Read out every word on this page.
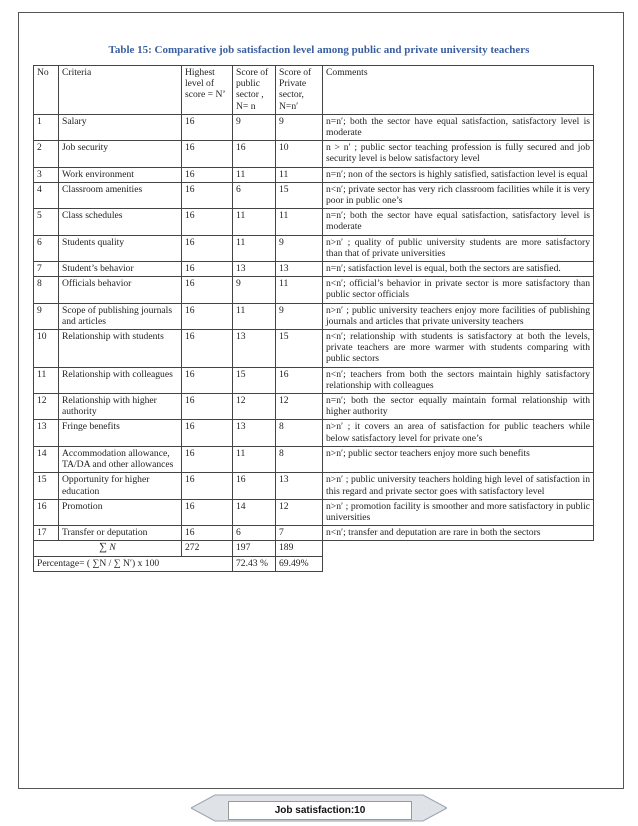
Table 15: Comparative job satisfaction level among public and private university teachers
No	Criteria	Highest level of score = N’	Score of public sector , N= n	Score of Private sector, N=n′	Comments
1	Salary	16	9	9	n=n′; both the sector have equal satisfaction, satisfactory level is moderate
2	Job security	16	16	10	n > n′ ; public sector teaching profession is fully secured and job security level is below satisfactory level
3	Work environment	16	11	11	n=n′; non of the sectors is highly satisfied, satisfaction level is equal
4	Classroom amenities	16	6	15	n<n′; private sector has very rich classroom facilities while it is very poor in public one’s
5	Class schedules	16	11	11	n=n′; both the sector have equal satisfaction, satisfactory level is moderate
6	Students quality	16	11	9	n>n′ ; quality of public university students are more satisfactory than that of private universities
7	Student’s behavior	16	13	13	n=n′; satisfaction level is equal, both the sectors are satisfied.
8	Officials behavior	16	9	11	n<n′; official’s behavior in private sector is more satisfactory than public sector officials
9	Scope of publishing journals and articles	16	11	9	n>n′ ; public university teachers enjoy more facilities of publishing journals and articles that private university teachers
10	Relationship with students	16	13	15	n<n′; relationship with students is satisfactory at both the levels, private teachers are more warmer with students comparing with public sectors
11	Relationship with colleagues	16	15	16	n<n′; teachers from both the sectors maintain highly satisfactory relationship with colleagues
12	Relationship with higher authority	16	12	12	n=n′; both the sector equally maintain formal relationship with higher authority
13	Fringe benefits	16	13	8	n>n′ ; it covers an area of satisfaction for public teachers while below satisfactory level for private one’s
14	Accommodation allowance, TA/DA and other allowances	16	11	8	n>n′; public sector teachers enjoy more such benefits
15	Opportunity for higher education	16	16	13	n>n′ ; public university teachers holding high level of satisfaction in this regard and private sector goes with satisfactory level
16	Promotion	16	14	12	n>n′ ; promotion facility is smoother and more satisfactory in public universities
17	Transfer or deputation	16	6	7	n<n′; transfer and deputation are rare in both the sectors
∑ N		272	197	189	
Percentage= ( ∑N / ∑ N′) x 100			72.43 %	69.49%	
Job satisfaction:10
